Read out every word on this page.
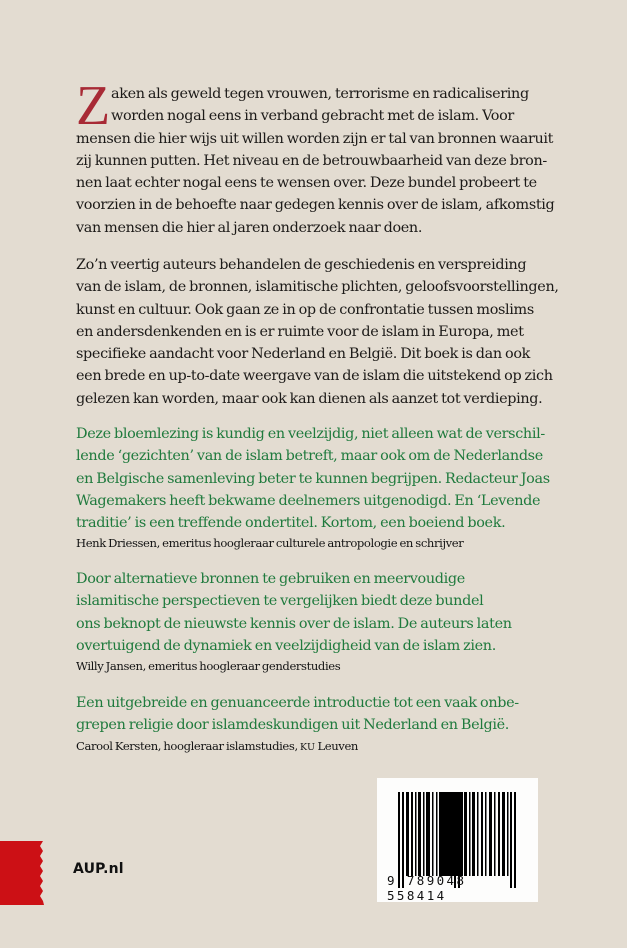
Z aken als geweld tegen vrouwen, terrorisme en radicalisering
worden nogal eens in verband gebracht met de islam. Voor
mensen die hier wijs uit willen worden zijn er tal van bronnen waaruit
zij kunnen putten. Het niveau en de betrouwbaarheid van deze bron-
nen laat echter nogal eens te wensen over. Deze bundel probeert te
voorzien in de behoefte naar gedegen kennis over de islam, afkomstig
van mensen die hier al jaren onderzoek naar doen.
Zo’n veertig auteurs behandelen de geschiedenis en verspreiding
van de islam, de bronnen, islamitische plichten, geloofsvoorstellingen,
kunst en cultuur. Ook gaan ze in op de confrontatie tussen moslims
en andersdenkenden en is er ruimte voor de islam in Europa, met
specifieke aandacht voor Nederland en België. Dit boek is dan ook
een brede en up-to-date weergave van de islam die uitstekend op zich
gelezen kan worden, maar ook kan dienen als aanzet tot verdieping.
Deze bloemlezing is kundig en veelzijdig, niet alleen wat de verschil-
lende ‘gezichten’ van de islam betreft, maar ook om de Nederlandse
en Belgische samenleving beter te kunnen begrijpen. Redacteur Joas
Wagemakers heeft bekwame deelnemers uitgenodigd. En ‘Levende
traditie’ is een treffende ondertitel. Kortom, een boeiend boek.
Henk Driessen, emeritus hoogleraar culturele antropologie en schrijver
Door alternatieve bronnen te gebruiken en meervoudige
islamitische perspectieven te vergelijken biedt deze bundel
ons beknopt de nieuwste kennis over de islam. De auteurs laten
overtuigend de dynamiek en veelzijdigheid van de islam zien.
Willy Jansen, emeritus hoogleraar genderstudies
Een uitgebreide en genuanceerde introductie tot een vaak onbe-
grepen religie door islamdeskundigen uit Nederland en België.
Carool Kersten, hoogleraar islamstudies, KU Leuven
AUP.nl
9 789048 558414
